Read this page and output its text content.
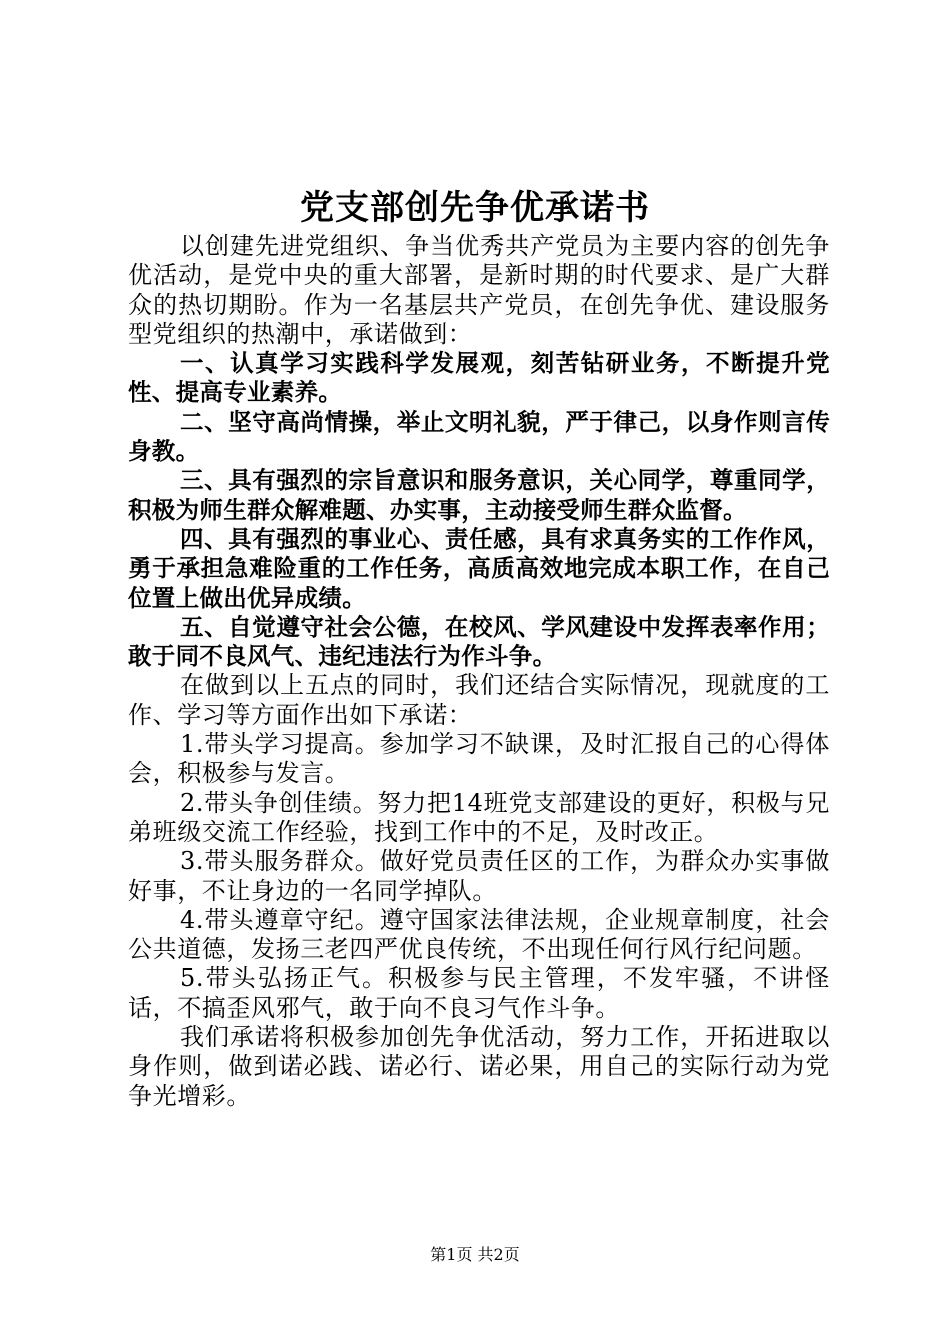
党支部创先争优承诺书

以创建先进党组织、争当优秀共产党员为主要内容的创先争优活动，是党中央的重大部署，是新时期的时代要求、是广大群众的热切期盼。作为一名基层共产党员，在创先争优、建设服务型党组织的热潮中，承诺做到：

一、认真学习实践科学发展观，刻苦钻研业务，不断提升党性、提高专业素养。

二、坚守高尚情操，举止文明礼貌，严于律己，以身作则言传身教。

三、具有强烈的宗旨意识和服务意识，关心同学，尊重同学，积极为师生群众解难题、办实事，主动接受师生群众监督。

四、具有强烈的事业心、责任感，具有求真务实的工作作风，勇于承担急难险重的工作任务，高质高效地完成本职工作，在自己位置上做出优异成绩。

五、自觉遵守社会公德，在校风、学风建设中发挥表率作用；敢于同不良风气、违纪违法行为作斗争。

在做到以上五点的同时，我们还结合实际情况，现就度的工作、学习等方面作出如下承诺：

1.带头学习提高。参加学习不缺课，及时汇报自己的心得体会，积极参与发言。

2.带头争创佳绩。努力把14班党支部建设的更好，积极与兄弟班级交流工作经验，找到工作中的不足，及时改正。

3.带头服务群众。做好党员责任区的工作，为群众办实事做好事，不让身边的一名同学掉队。

4.带头遵章守纪。遵守国家法律法规，企业规章制度，社会公共道德，发扬三老四严优良传统，不出现任何行风行纪问题。

5.带头弘扬正气。积极参与民主管理，不发牢骚，不讲怪话，不搞歪风邪气，敢于向不良习气作斗争。

我们承诺将积极参加创先争优活动，努力工作，开拓进取以身作则，做到诺必践、诺必行、诺必果，用自己的实际行动为党争光增彩。

第1页 共2页
